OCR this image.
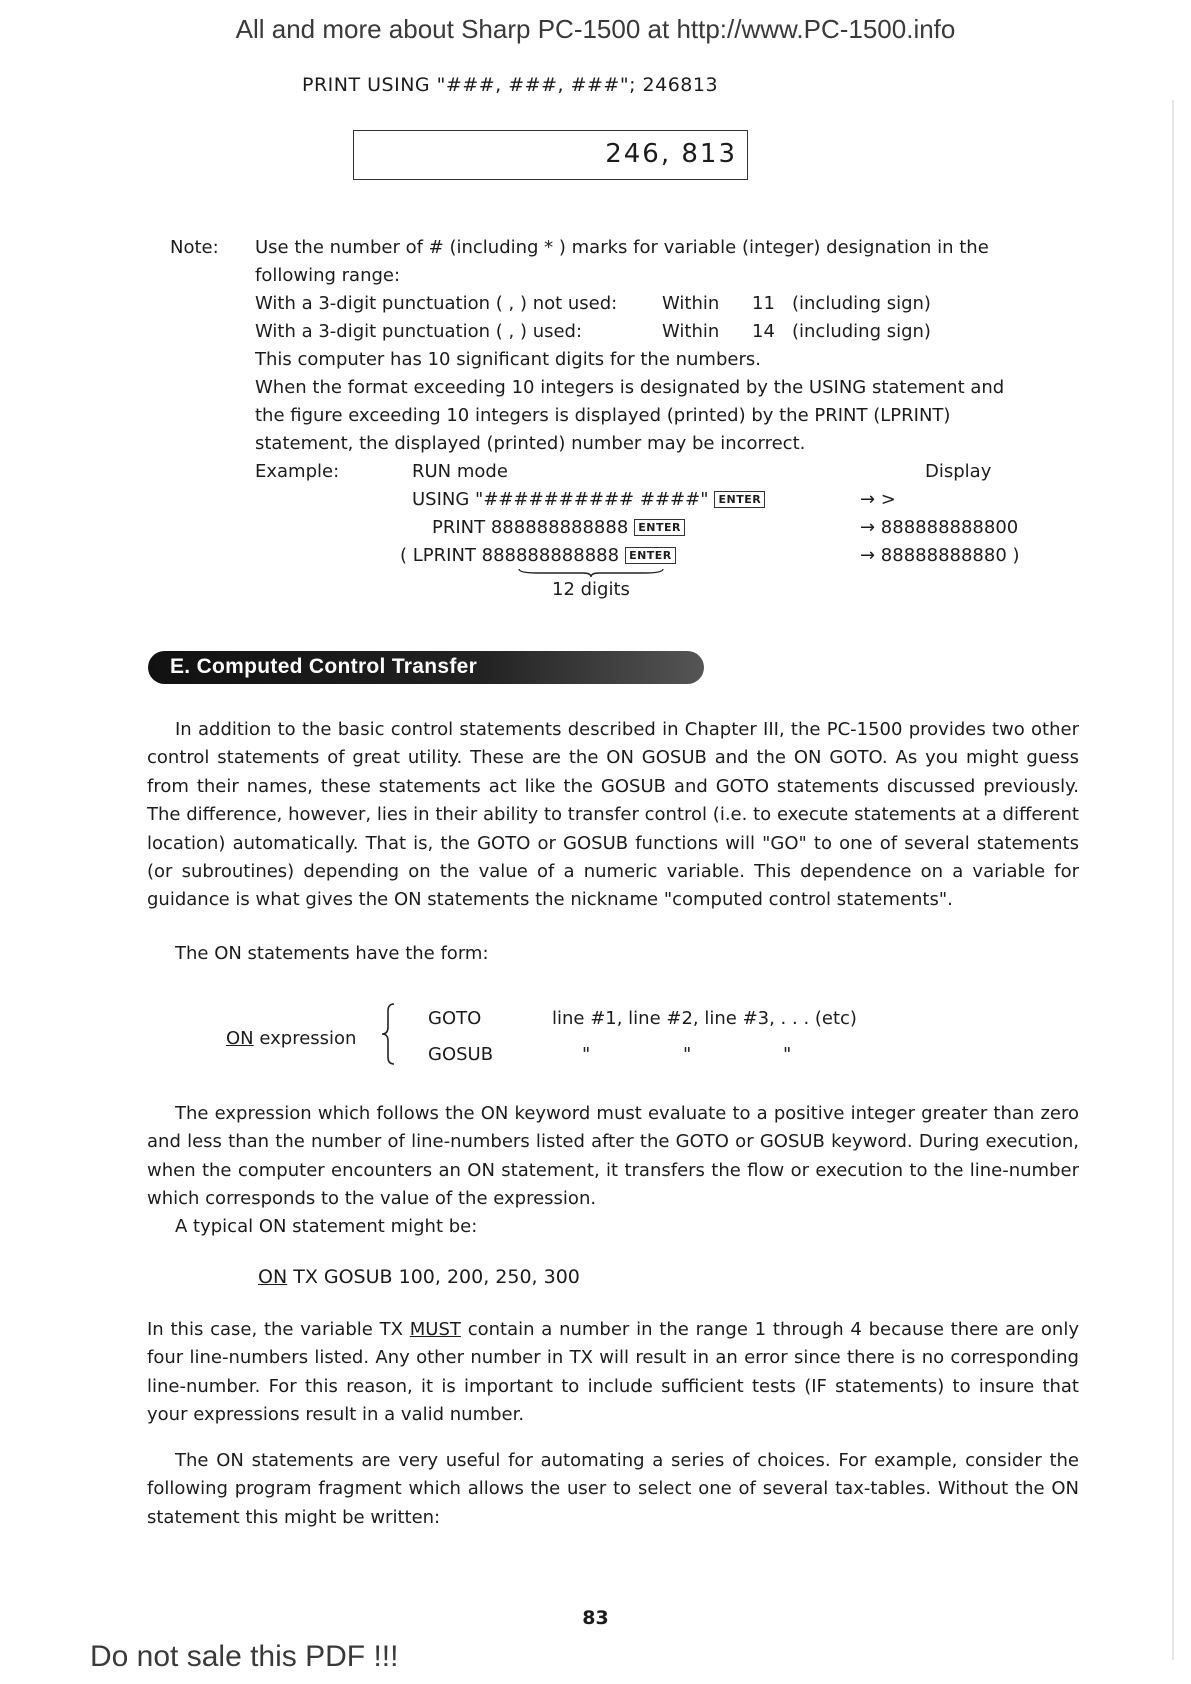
All and more about Sharp PC-1500 at http://www.PC-1500.info
PRINT USING "###, ###, ###"; 246813
246, 813
Note: Use the number of # (including * ) marks for variable (integer) designation in the
following range:
With a 3-digit punctuation ( , ) not used: Within 11 (including sign)
With a 3-digit punctuation ( , ) used:	Within 14 (including sign)
This computer has 10 significant digits for the numbers.
When the format exceeding 10 integers is designated by the USING statement and
the figure exceeding 10 integers is displayed (printed) by the PRINT (LPRINT)
statement, the displayed (printed) number may be incorrect.
Example:	RUN mode	Display
USING "########## ####" ENTER	→ >
PRINT 888888888888 ENTER	→ 888888888800
( LPRINT 888888888888 ENTER	→ 88888888880 )
12 digits
E. Computed Control Transfer

In addition to the basic control statements described in Chapter III, the PC-1500 provides two other control statements of great utility. These are the ON GOSUB and the ON GOTO. As you might guess from their names, these statements act like the GOSUB and GOTO statements discussed previously. The difference, however, lies in their ability to transfer control (i.e. to execute statements at a different location) automatically. That is, the GOTO or GOSUB functions will "GO" to one of several statements (or subroutines) depending on the value of a numeric variable. This dependence on a variable for guidance is what gives the ON statements the nickname "computed control statements".

The ON statements have the form:
ON expression
GOTO	line #1, line #2, line #3, . . . (etc)
GOSUB	"	"	"

The expression which follows the ON keyword must evaluate to a positive integer greater than zero and less than the number of line-numbers listed after the GOTO or GOSUB keyword. During execution, when the computer encounters an ON statement, it transfers the flow or execution to the line-number which corresponds to the value of the expression.

A typical ON statement might be:
ON TX GOSUB 100, 200, 250, 300

In this case, the variable TX MUST contain a number in the range 1 through 4 because there are only four line-numbers listed. Any other number in TX will result in an error since there is no corresponding line-number. For this reason, it is important to include sufficient tests (IF statements) to insure that your expressions result in a valid number.

The ON statements are very useful for automating a series of choices. For example, consider the following program fragment which allows the user to select one of several tax-tables. Without the ON statement this might be written:

83
Do not sale this PDF !!!
